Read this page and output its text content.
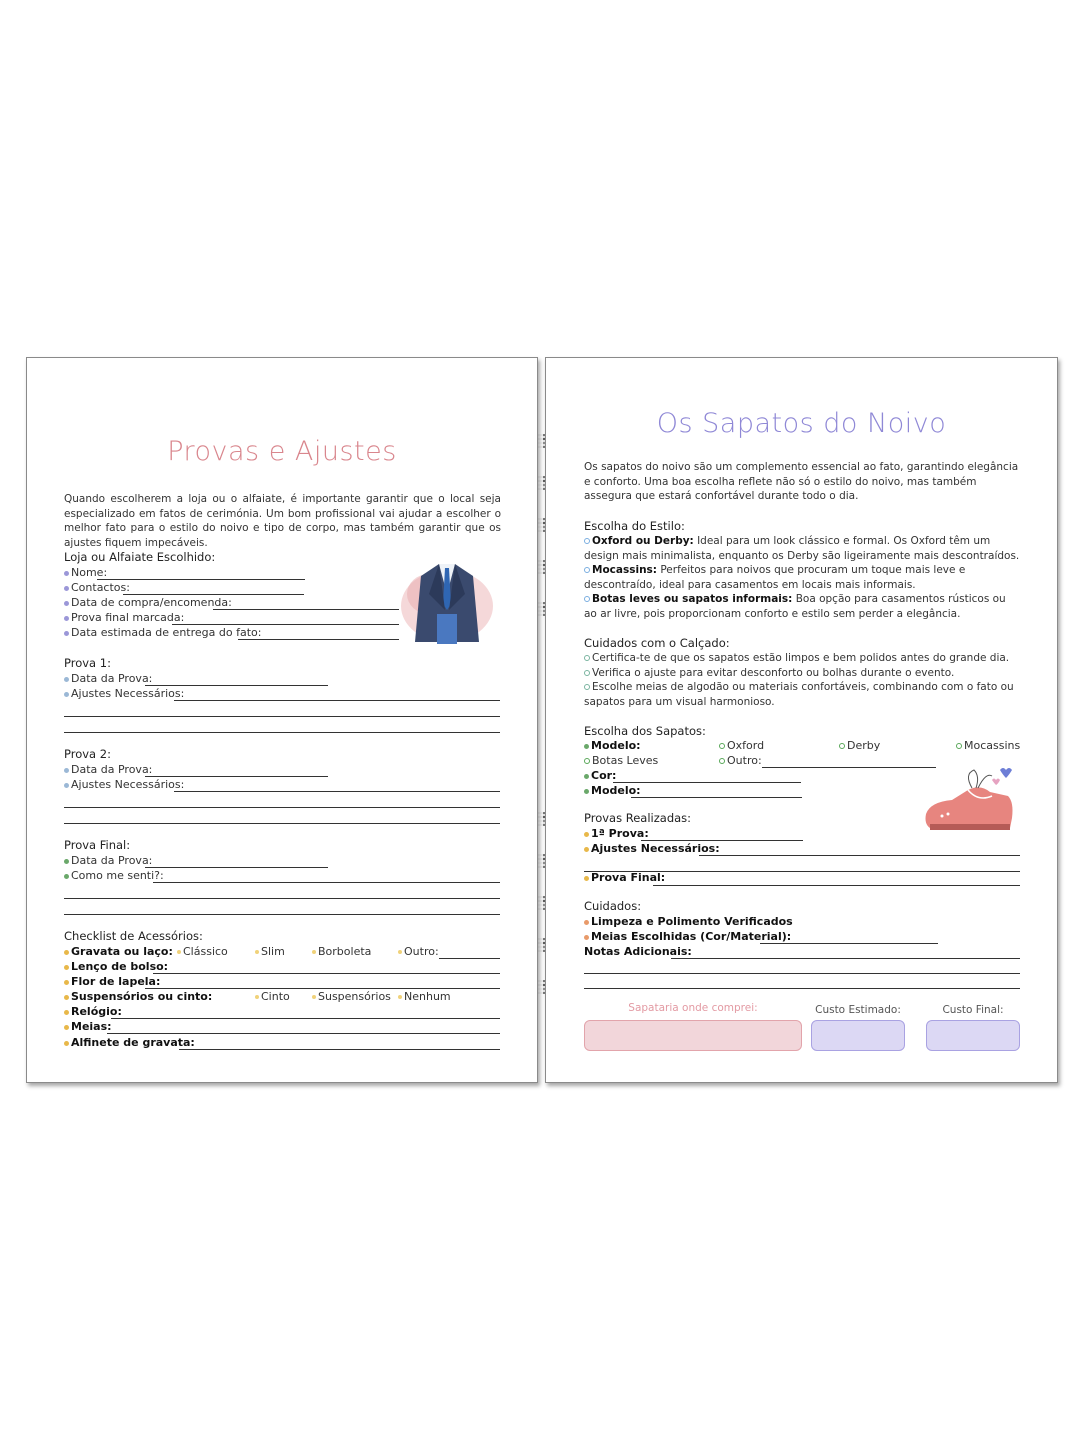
Provas e Ajustes
Quando escolherem a loja ou o alfaiate, é importante garantir que o local seja especializado em fatos de cerimónia. Um bom profissional vai ajudar a escolher o melhor fato para o estilo do noivo e tipo de corpo, mas também garantir que os ajustes fiquem impecáveis.
Loja ou Alfaiate Escolhido:
Nome:
Contactos:
Data de compra/encomenda:
Prova final marcada:
Data estimada de entrega do fato:
Prova 1:
Data da Prova:
Ajustes Necessários:
Prova 2:
Data da Prova:
Ajustes Necessários:
Prova Final:
Data da Prova:
Como me senti?:
Checklist de Acessórios:
Gravata ou laço: Clássico	Slim	Borboleta	Outro:
Lenço de bolso:
Flor de lapela:
Suspensórios ou cinto:	Cinto	Suspensórios	Nenhum
Relógio:
Meias:
Alfinete de gravata:
Os Sapatos do Noivo
Os sapatos do noivo são um complemento essencial ao fato, garantindo elegância e conforto. Uma boa escolha reflete não só o estilo do noivo, mas também assegura que estará confortável durante todo o dia.
Escolha do Estilo:
Oxford ou Derby: Ideal para um look clássico e formal. Os Oxford têm um design mais minimalista, enquanto os Derby são ligeiramente mais descontraídos.
Mocassins: Perfeitos para noivos que procuram um toque mais leve e descontraído, ideal para casamentos em locais mais informais.
Botas leves ou sapatos informais: Boa opção para casamentos rústicos ou ao ar livre, pois proporcionam conforto e estilo sem perder a elegância.
Cuidados com o Calçado:
Certifica-te de que os sapatos estão limpos e bem polidos antes do grande dia.
Verifica o ajuste para evitar desconforto ou bolhas durante o evento.
Escolhe meias de algodão ou materiais confortáveis, combinando com o fato ou sapatos para um visual harmonioso.
Escolha dos Sapatos:
Modelo:	Oxford	Derby	Mocassins
Botas Leves	Outro:
Cor:
Modelo:
Provas Realizadas:
1ª Prova:
Ajustes Necessários:
Prova Final:
Cuidados:
Limpeza e Polimento Verificados
Meias Escolhidas (Cor/Material):
Notas Adicionais:
Sapataria onde comprei:	Custo Estimado:	Custo Final:
